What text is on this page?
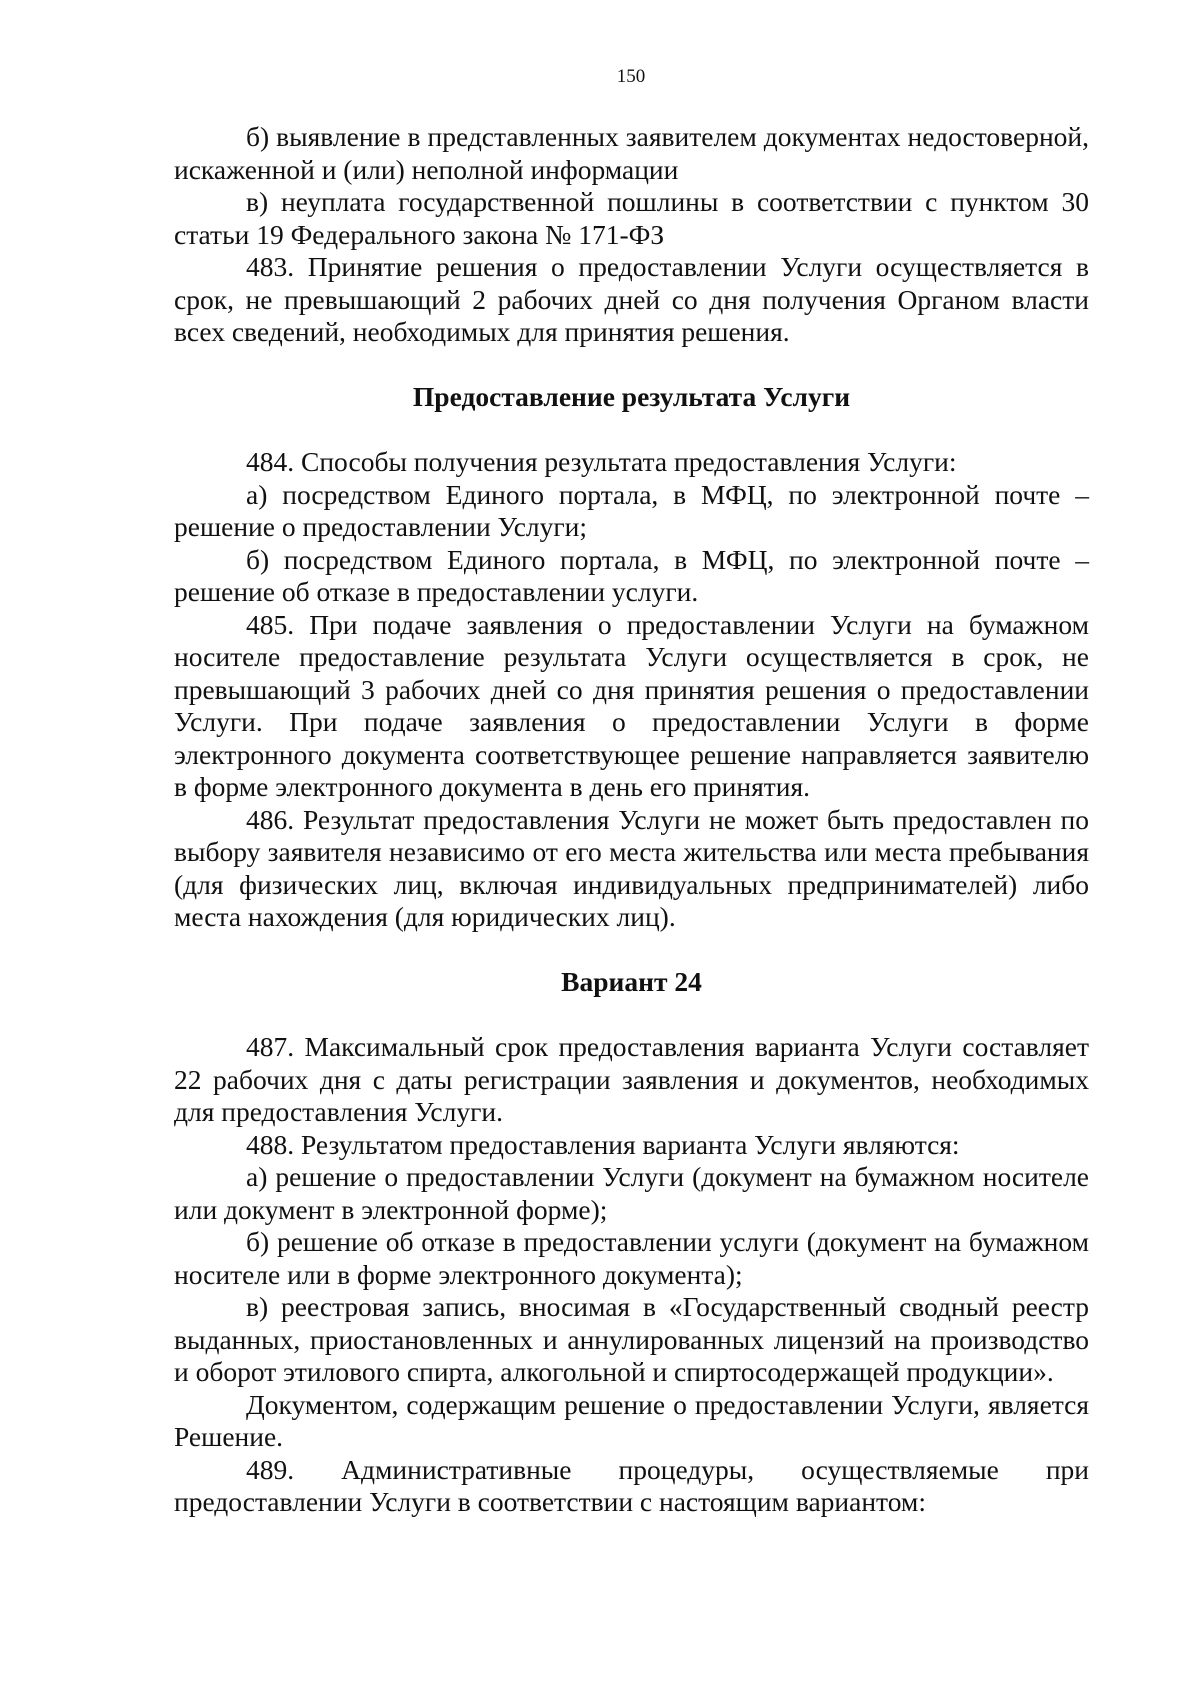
150

б) выявление в представленных заявителем документах недостоверной, искаженной и (или) неполной информации

в) неуплата государственной пошлины в соответствии с пунктом 30 статьи 19 Федерального закона № 171-ФЗ

483. Принятие решения о предоставлении Услуги осуществляется в срок, не превышающий 2 рабочих дней со дня получения Органом власти всех сведений, необходимых для принятия решения.

Предоставление результата Услуги

484. Способы получения результата предоставления Услуги:

а) посредством Единого портала, в МФЦ, по электронной почте – решение о предоставлении Услуги;

б) посредством Единого портала, в МФЦ, по электронной почте – решение об отказе в предоставлении услуги.

485. При подаче заявления о предоставлении Услуги на бумажном носителе предоставление результата Услуги осуществляется в срок, не превышающий 3 рабочих дней со дня принятия решения о предоставлении Услуги. При подаче заявления о предоставлении Услуги в форме электронного документа соответствующее решение направляется заявителю в форме электронного документа в день его принятия.

486. Результат предоставления Услуги не может быть предоставлен по выбору заявителя независимо от его места жительства или места пребывания (для физических лиц, включая индивидуальных предпринимателей) либо места нахождения (для юридических лиц).

Вариант 24

487. Максимальный срок предоставления варианта Услуги составляет 22 рабочих дня с даты регистрации заявления и документов, необходимых для предоставления Услуги.

488. Результатом предоставления варианта Услуги являются:

а) решение о предоставлении Услуги (документ на бумажном носителе или документ в электронной форме);

б) решение об отказе в предоставлении услуги (документ на бумажном носителе или в форме электронного документа);

в) реестровая запись, вносимая в «Государственный сводный реестр выданных, приостановленных и аннулированных лицензий на производство и оборот этилового спирта, алкогольной и спиртосодержащей продукции».

Документом, содержащим решение о предоставлении Услуги, является Решение.

489. Административные процедуры, осуществляемые при предоставлении Услуги в соответствии с настоящим вариантом:
